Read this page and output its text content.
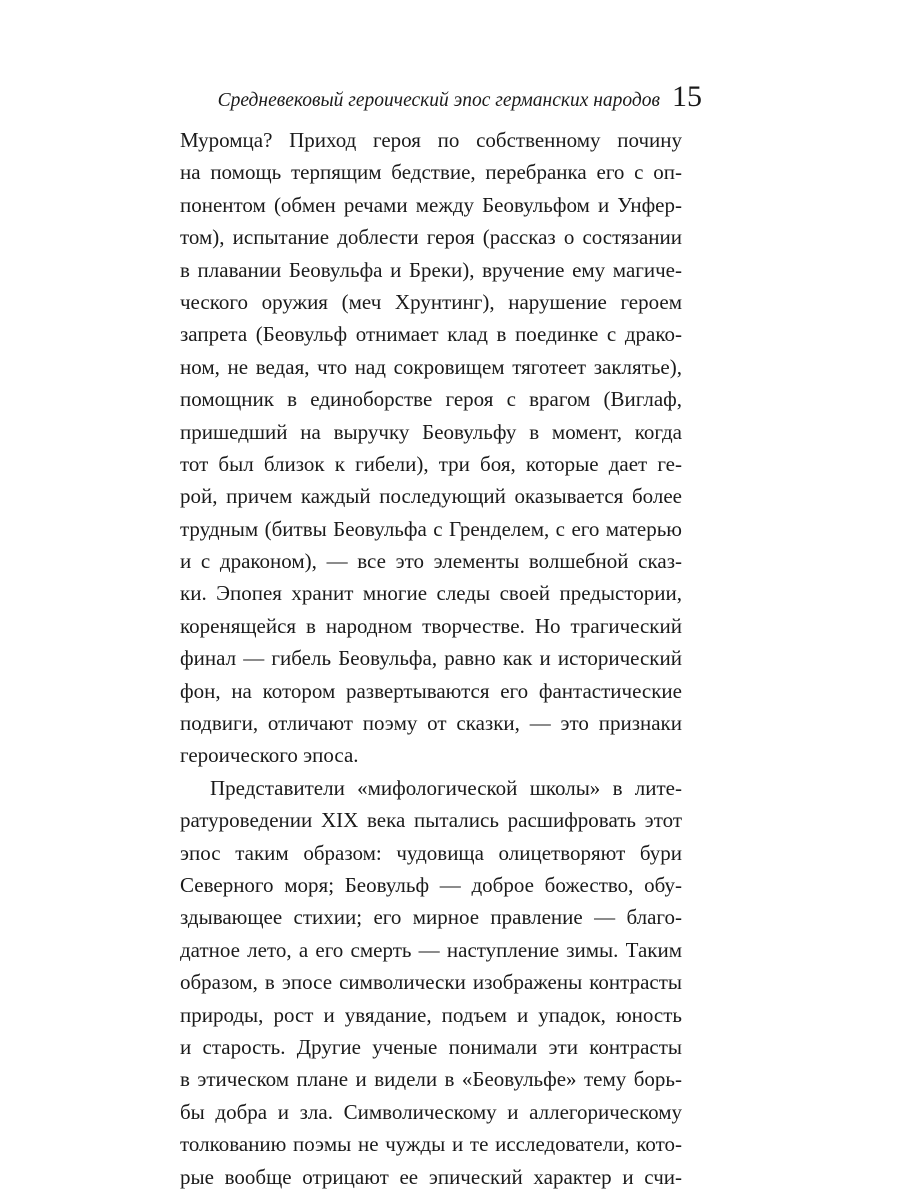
Средневековый героический эпос германских народов 15
Муромца? Приход героя по собственному почину
на помощь терпящим бедствие, перебранка его с оп-
понентом (обмен речами между Беовульфом и Унфер-
том), испытание доблести героя (рассказ о состязании
в плавании Беовульфа и Бреки), вручение ему магиче-
ческого оружия (меч Хрунтинг), нарушение героем
запрета (Беовульф отнимает клад в поединке с драко-
ном, не ведая, что над сокровищем тяготеет заклятье),
помощник в единоборстве героя с врагом (Виглаф,
пришедший на выручку Беовульфу в момент, когда
тот был близок к гибели), три боя, которые дает ге-
рой, причем каждый последующий оказывается более
трудным (битвы Беовульфа с Гренделем, с его матерью
и с драконом), — все это элементы волшебной сказ-
ки. Эпопея хранит многие следы своей предыстории,
коренящейся в народном творчестве. Но трагический
финал — гибель Беовульфа, равно как и исторический
фон, на котором развертываются его фантастические
подвиги, отличают поэму от сказки, — это признаки
героического эпоса.
Представители «мифологической школы» в лите-
ратуроведении XIX века пытались расшифровать этот
эпос таким образом: чудовища олицетворяют бури
Северного моря; Беовульф — доброе божество, обу-
здывающее стихии; его мирное правление — благо-
датное лето, а его смерть — наступление зимы. Таким
образом, в эпосе символически изображены контрасты
природы, рост и увядание, подъем и упадок, юность
и старость. Другие ученые понимали эти контрасты
в этическом плане и видели в «Беовульфе» тему борь-
бы добра и зла. Символическому и аллегорическому
толкованию поэмы не чужды и те исследователи, кото-
рые вообще отрицают ее эпический характер и счи-
